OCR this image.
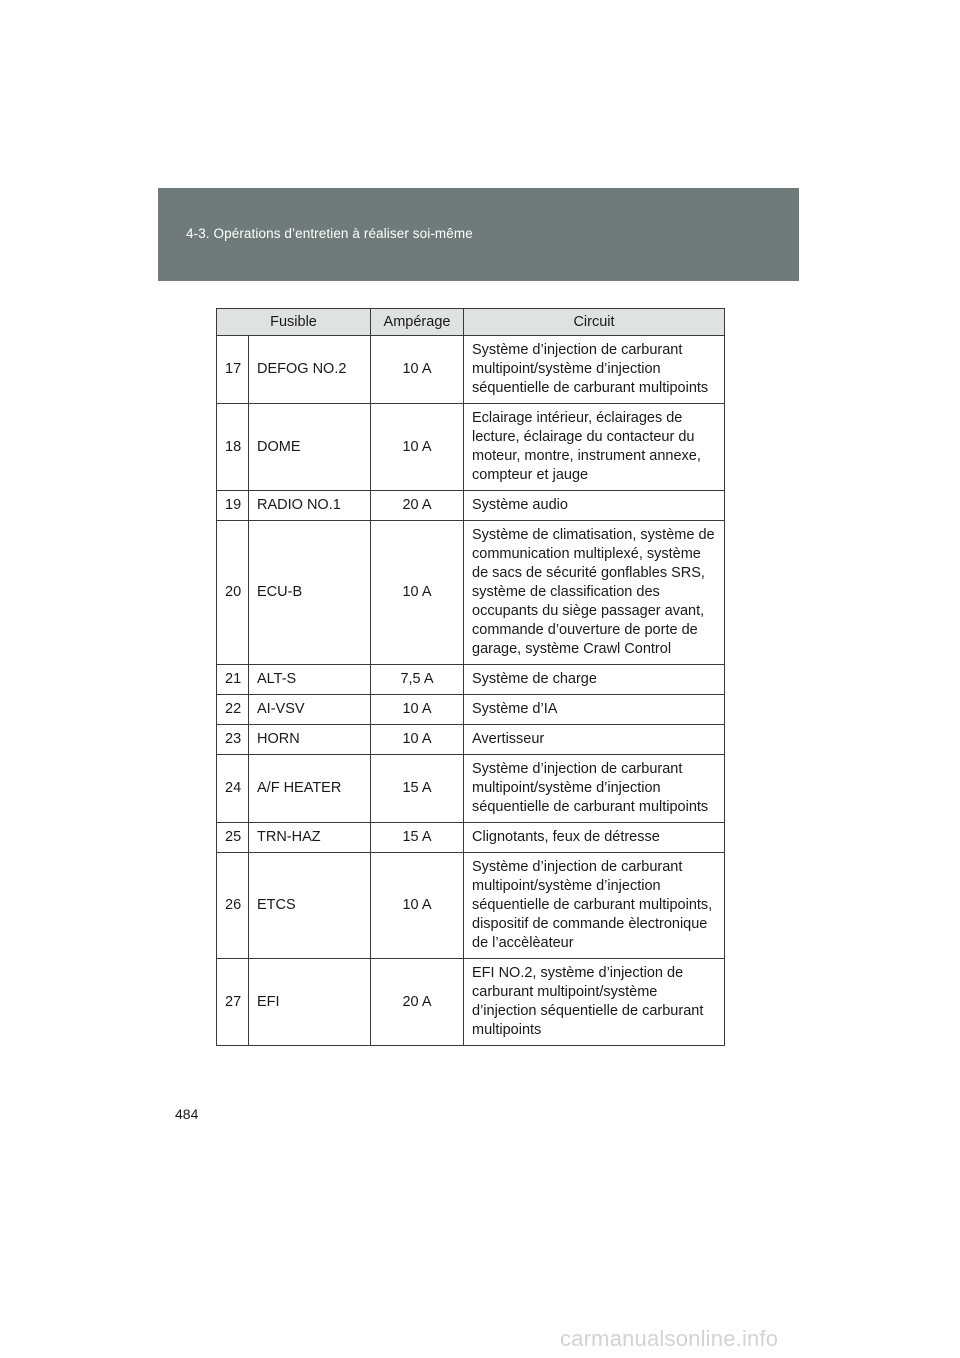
4-3. Opérations d’entretien à réaliser soi-même
Fusible		Ampérage	Circuit
17	DEFOG NO.2	10 A	Système d’injection de carburant multipoint/système d’injection séquentielle de carburant multipoints
18	DOME	10 A	Eclairage intérieur, éclairages de lecture, éclairage du contacteur du moteur, montre, instrument annexe, compteur et jauge
19	RADIO NO.1	20 A	Système audio
20	ECU-B	10 A	Système de climatisation, système de communication multiplexé, système de sacs de sécurité gonflables SRS, système de classification des occupants du siège passager avant, commande d’ouverture de porte de garage, système Crawl Control
21	ALT-S	7,5 A	Système de charge
22	AI-VSV	10 A	Système d’IA
23	HORN	10 A	Avertisseur
24	A/F HEATER	15 A	Système d’injection de carburant multipoint/système d’injection séquentielle de carburant multipoints
25	TRN-HAZ	15 A	Clignotants, feux de détresse
26	ETCS	10 A	Système d’injection de carburant multipoint/système d’injection séquentielle de carburant multipoints, dispositif de commande èlectronique de l’accèlèateur
27	EFI	20 A	EFI NO.2, système d’injection de carburant multipoint/système d’injection séquentielle de carburant multipoints
484
carmanualsonline.info
